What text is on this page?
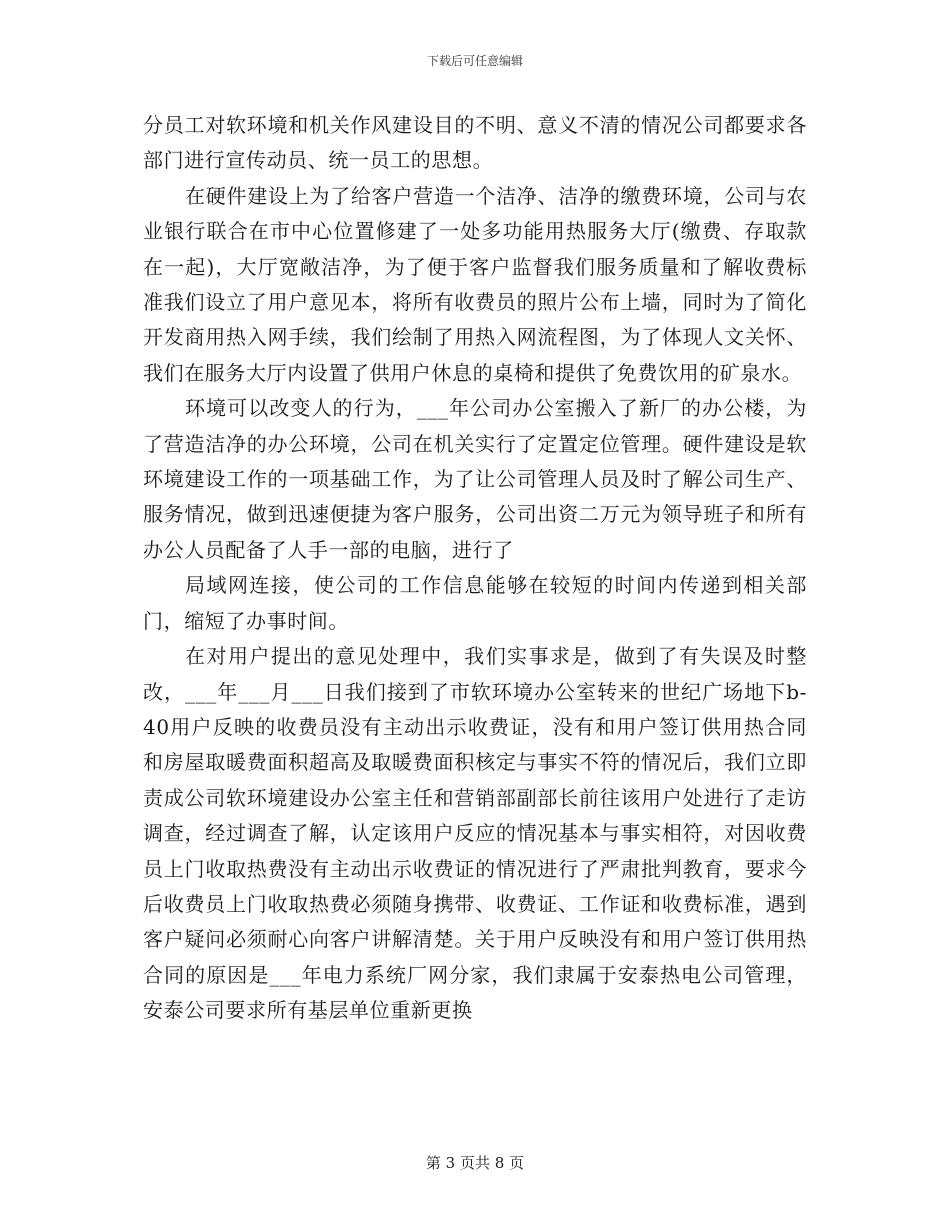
下载后可任意编辑

分员工对软环境和机关作风建设目的不明、意义不清的情况公司都要求各部门进行宣传动员、统一员工的思想。

在硬件建设上为了给客户营造一个洁净、洁净的缴费环境，公司与农业银行联合在市中心位置修建了一处多功能用热服务大厅(缴费、存取款在一起)，大厅宽敞洁净，为了便于客户监督我们服务质量和了解收费标准我们设立了用户意见本，将所有收费员的照片公布上墙，同时为了简化开发商用热入网手续，我们绘制了用热入网流程图，为了体现人文关怀、我们在服务大厅内设置了供用户休息的桌椅和提供了免费饮用的矿泉水。

环境可以改变人的行为，___年公司办公室搬入了新厂的办公楼，为了营造洁净的办公环境，公司在机关实行了定置定位管理。硬件建设是软环境建设工作的一项基础工作，为了让公司管理人员及时了解公司生产、服务情况，做到迅速便捷为客户服务，公司出资二万元为领导班子和所有办公人员配备了人手一部的电脑，进行了

局域网连接，使公司的工作信息能够在较短的时间内传递到相关部门，缩短了办事时间。

在对用户提出的意见处理中，我们实事求是，做到了有失误及时整改，___年___月___日我们接到了市软环境办公室转来的世纪广场地下b-40用户反映的收费员没有主动出示收费证，没有和用户签订供用热合同和房屋取暖费面积超高及取暖费面积核定与事实不符的情况后，我们立即责成公司软环境建设办公室主任和营销部副部长前往该用户处进行了走访调查，经过调查了解，认定该用户反应的情况基本与事实相符，对因收费员上门收取热费没有主动出示收费证的情况进行了严肃批判教育，要求今后收费员上门收取热费必须随身携带、收费证、工作证和收费标准，遇到客户疑问必须耐心向客户讲解清楚。关于用户反映没有和用户签订供用热合同的原因是___年电力系统厂网分家，我们隶属于安泰热电公司管理，安泰公司要求所有基层单位重新更换

第 3 页共 8 页
